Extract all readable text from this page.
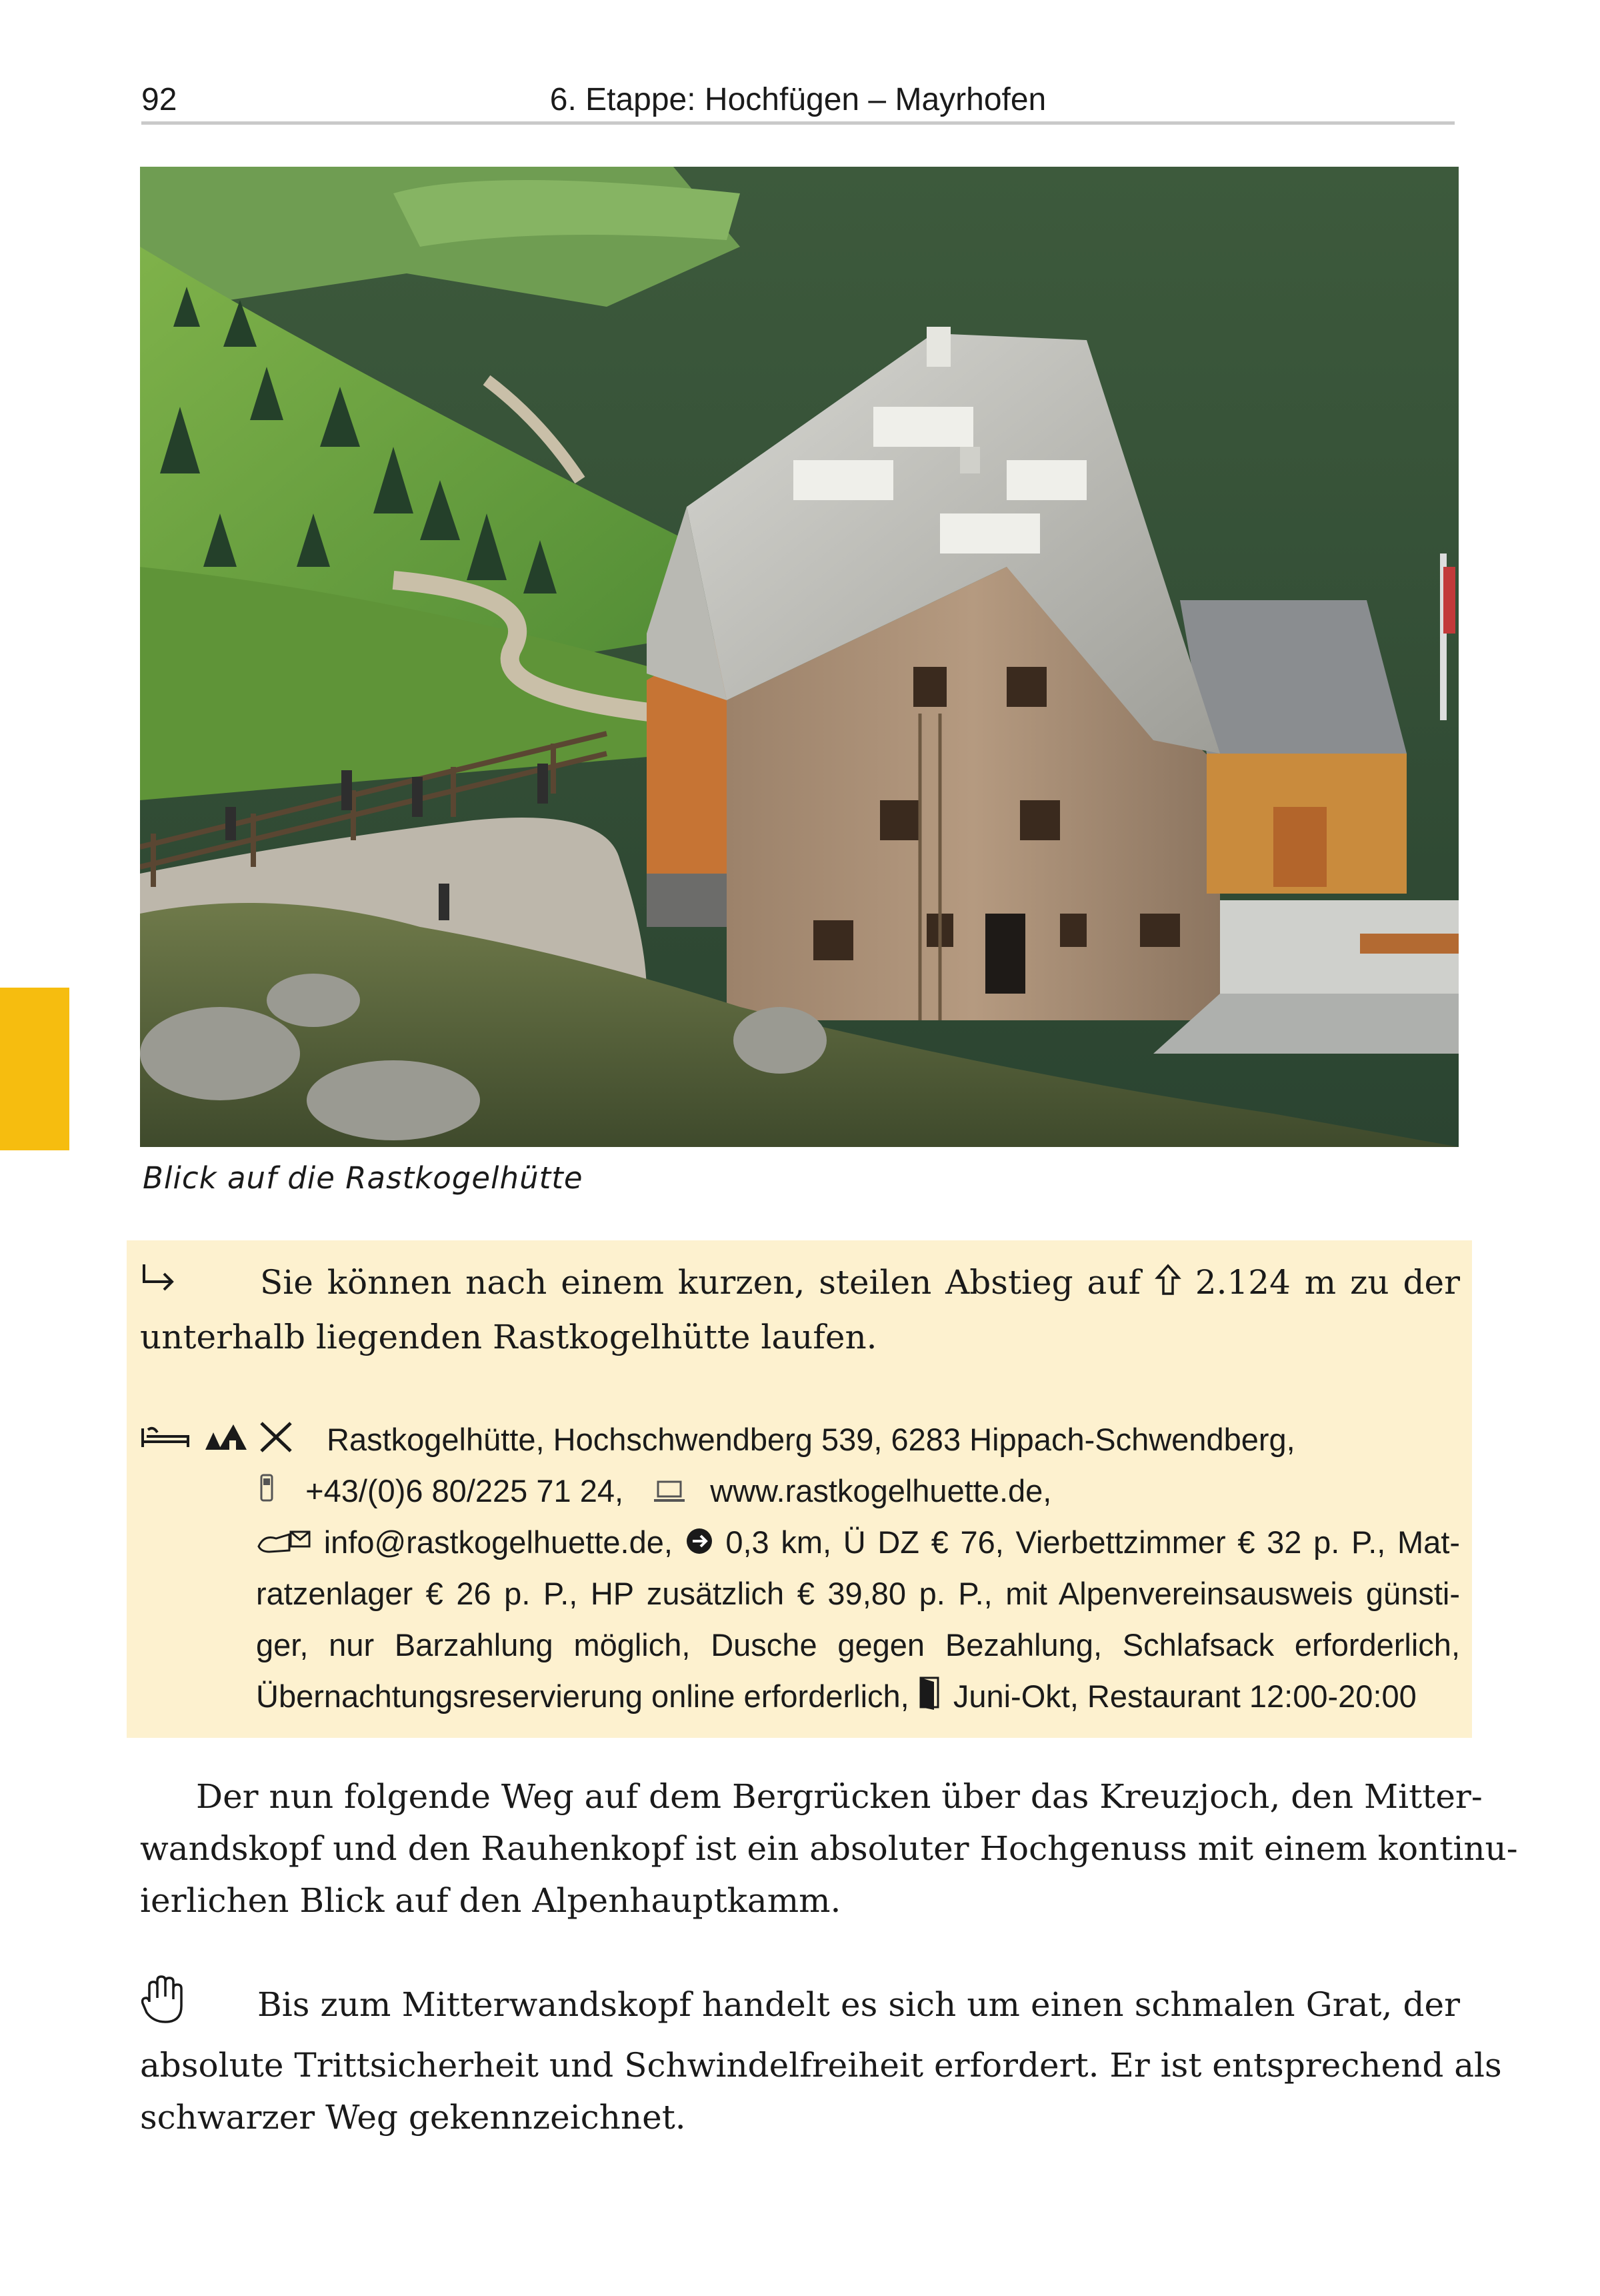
92	6. Etappe: Hochfügen – Mayrhofen
Blick auf die Rastkogelhütte
Sie können nach einem kurzen, steilen Abstieg auf 2.124 m zu der
unterhalb liegenden Rastkogelhütte laufen.
Rastkogelhütte, Hochschwendberg 539, 6283 Hippach-Schwendberg,
+43/(0)6 80/225 71 24,	www.rastkogelhuette.de,
info@rastkogelhuette.de, 0,3 km, Ü DZ € 76, Vierbettzimmer € 32 p. P., Mat-
ratzenlager € 26 p. P., HP zusätzlich € 39,80 p. P., mit Alpenvereinsausweis günsti-
ger, nur Barzahlung möglich, Dusche gegen Bezahlung, Schlafsack erforderlich,
Übernachtungsreservierung online erforderlich, Juni-Okt, Restaurant 12:00-20:00
Der nun folgende Weg auf dem Bergrücken über das Kreuzjoch, den Mitter-
wandskopf und den Rauhenkopf ist ein absoluter Hochgenuss mit einem kontinu-
ierlichen Blick auf den Alpenhauptkamm.
Bis zum Mitterwandskopf handelt es sich um einen schmalen Grat, der
absolute Trittsicherheit und Schwindelfreiheit erfordert. Er ist entsprechend als
schwarzer Weg gekennzeichnet.
